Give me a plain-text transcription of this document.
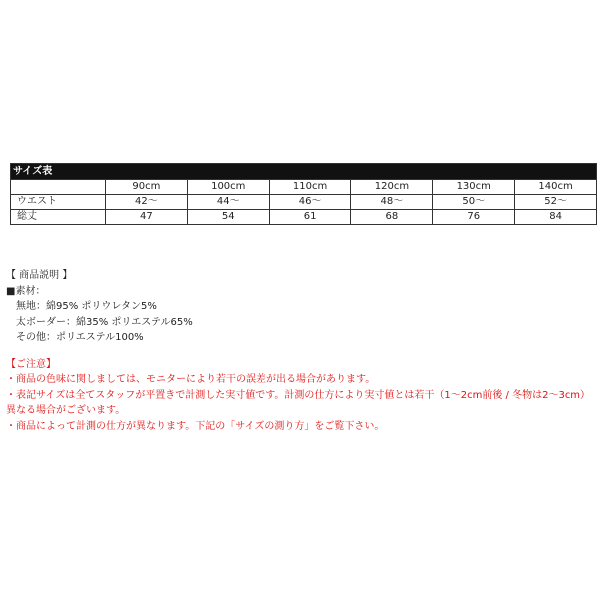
サイズ表						
	90cm	100cm	110cm	120cm	130cm	140cm
ウエスト	42〜	44〜	46〜	48〜	50〜	52〜
総丈	47	54	61	68	76	84
【 商品説明 】
■素材：
無地：綿95% ポリウレタン5%
太ボーダー：綿35% ポリエステル65%
その他：ポリエステル100%
【ご注意】
・商品の色味に関しましては、モニターにより若干の誤差が出る場合があります。
・表記サイズは全てスタッフが平置きで計測した実寸値です。計測の仕方により実寸値とは若干（1〜2cm前後 / 冬物は2〜3cm）
異なる場合がございます。
・商品によって計測の仕方が異なります。下記の「サイズの測り方」をご覧下さい。
